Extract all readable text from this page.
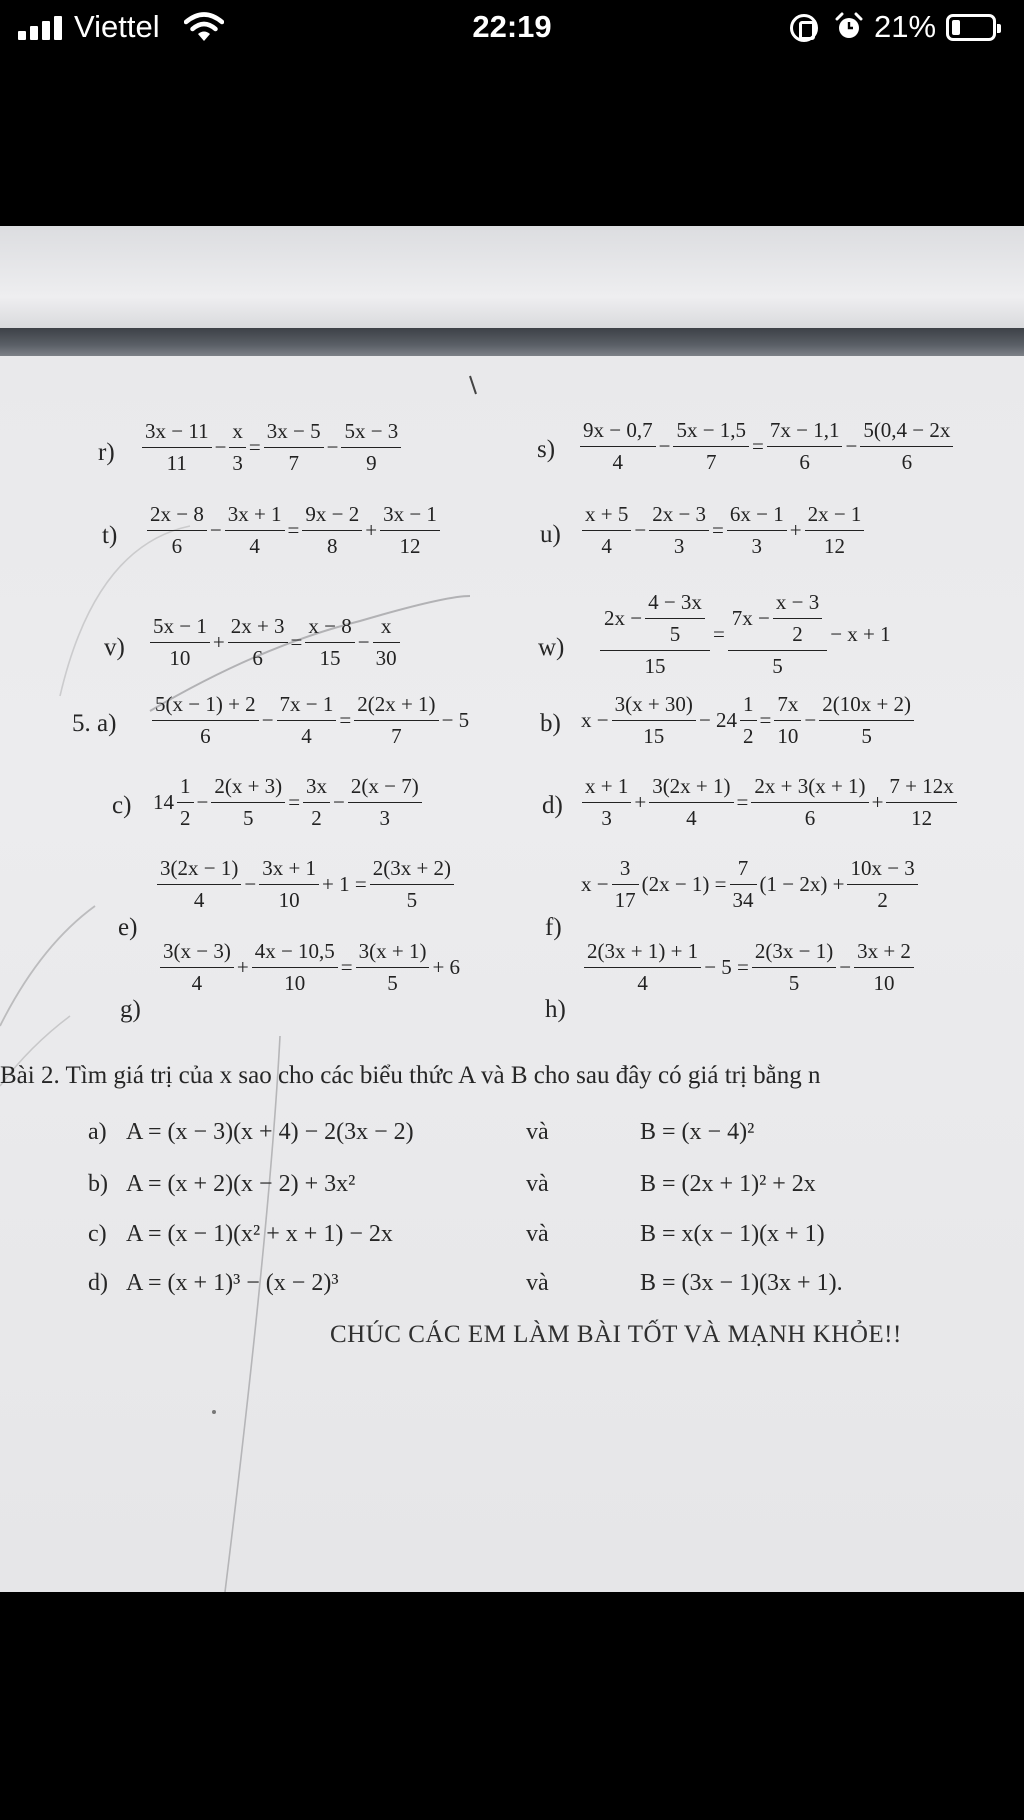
Viettel	22:19	21%
$r) \frac{3x - 11}{11} - \frac{x}{3} = \frac{3x - 5}{7} - \frac{5x - 3}{9}$	$s) \frac{9x - 0,7}{4} - \frac{5x - 1,5}{7} = \frac{7x - 1,1}{6} - \frac{5(0,4 - 2x}{6}$
$t) \frac{2x - 8}{6} - \frac{3x + 1}{4} = \frac{9x - 2}{8} + \frac{3x - 1}{12}$	$u) \frac{x + 5}{4} - \frac{2x - 3}{3} = \frac{6x - 1}{3} + \frac{2x - 1}{12}$
$v) \frac{5x - 1}{10} + \frac{2x + 3}{6} = \frac{x - 8}{15} - \frac{x}{30}$	$w) \frac{2x - \frac{4 - 3x}{5}}{15} = \frac{7x - \frac{x - 3}{2}}{5} - x + 1$
5. $a) \frac{5(x - 1) + 2}{6} - \frac{7x - 1}{4} = \frac{2(2x + 1)}{7} - 5$	b) $x - \frac{3(x + 30)}{15} - 24 \frac{1}{2} = \frac{7x}{10} - \frac{2(10x + 2)}{5}$
c) $14 \frac{1}{2} - \frac{2(x + 3)}{5} = \frac{3x}{2} - \frac{2(x - 7)}{3}$	$d) \frac{x + 1}{3} + \frac{3(2x + 1)}{4} = \frac{2x + 3(x + 1)}{6} + \frac{7 + 12x}{12}$
e)
$\frac{3(2x - 1)}{4} - \frac{3x + 1}{10} + 1 = \frac{2(3x + 2)}{5}$
f)
$x - \frac{3}{17} (2x - 1) = \frac{7}{34} (1 - 2x) + \frac{10x - 3}{2}$
g)
$\frac{3(x - 3)}{4} + \frac{4x - 10,5}{10} = \frac{3(x + 1)}{5} + 6$
h)
$\frac{2(3x + 1) + 1}{4} - 5 = \frac{2(3x - 1)}{5} - \frac{3x + 2}{10}$
Bài 2. Tìm giá trị của x sao cho các biểu thức A và B cho sau đây có giá trị bằng n
a) A = (x − 3)(x + 4) − 2(3x − 2)	và	B = (x − 4)²
b) A = (x + 2)(x − 2) + 3x²	và	B = (2x + 1)² + 2x
c) A = (x − 1)(x² + x + 1) − 2x	và	B = x(x − 1)(x + 1)
d) A = (x + 1)³ − (x − 2)³	và	B = (3x − 1)(3x + 1).
CHÚC CÁC EM LÀM BÀI TỐT VÀ MẠNH KHỎE!!
